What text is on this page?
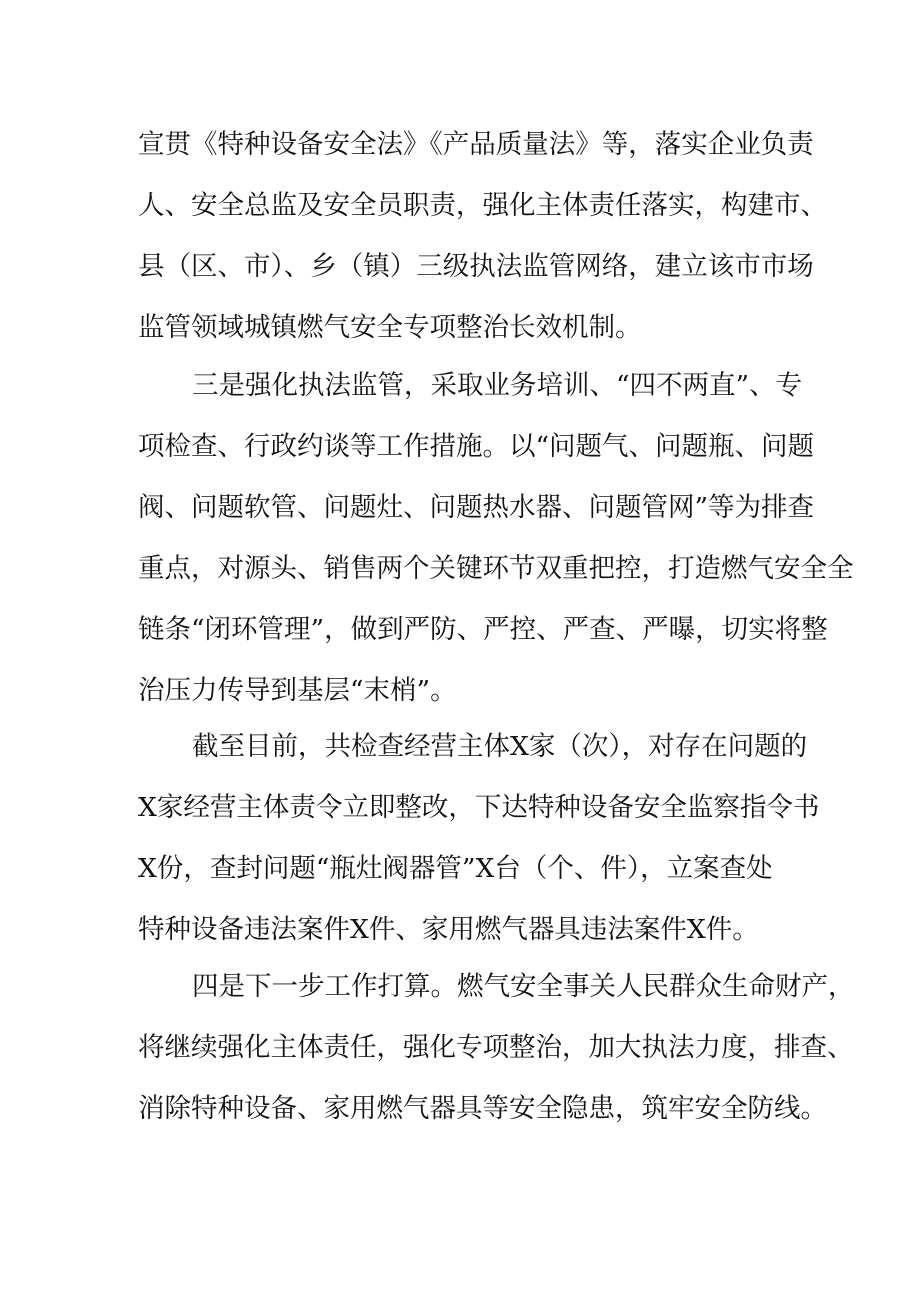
宣贯《特种设备安全法》《产品质量法》等，落实企业负责
人、安全总监及安全员职责，强化主体责任落实，构建市、
县（区、市）、乡（镇）三级执法监管网络，建立该市市场
监管领域城镇燃气安全专项整治长效机制。
三是强化执法监管，采取业务培训、“四不两直”、专
项检查、行政约谈等工作措施。以“问题气、问题瓶、问题
阀、问题软管、问题灶、问题热水器、问题管网”等为排查
重点，对源头、销售两个关键环节双重把控，打造燃气安全全
链条“闭环管理”，做到严防、严控、严查、严曝，切实将整
治压力传导到基层“末梢”。
截至目前，共检查经营主体X家（次），对存在问题的
X家经营主体责令立即整改，下达特种设备安全监察指令书
X份，查封问题“瓶灶阀器管”X台（个、件），立案查处
特种设备违法案件X件、家用燃气器具违法案件X件。
四是下一步工作打算。燃气安全事关人民群众生命财产，
将继续强化主体责任，强化专项整治，加大执法力度，排查、
消除特种设备、家用燃气器具等安全隐患，筑牢安全防线。
